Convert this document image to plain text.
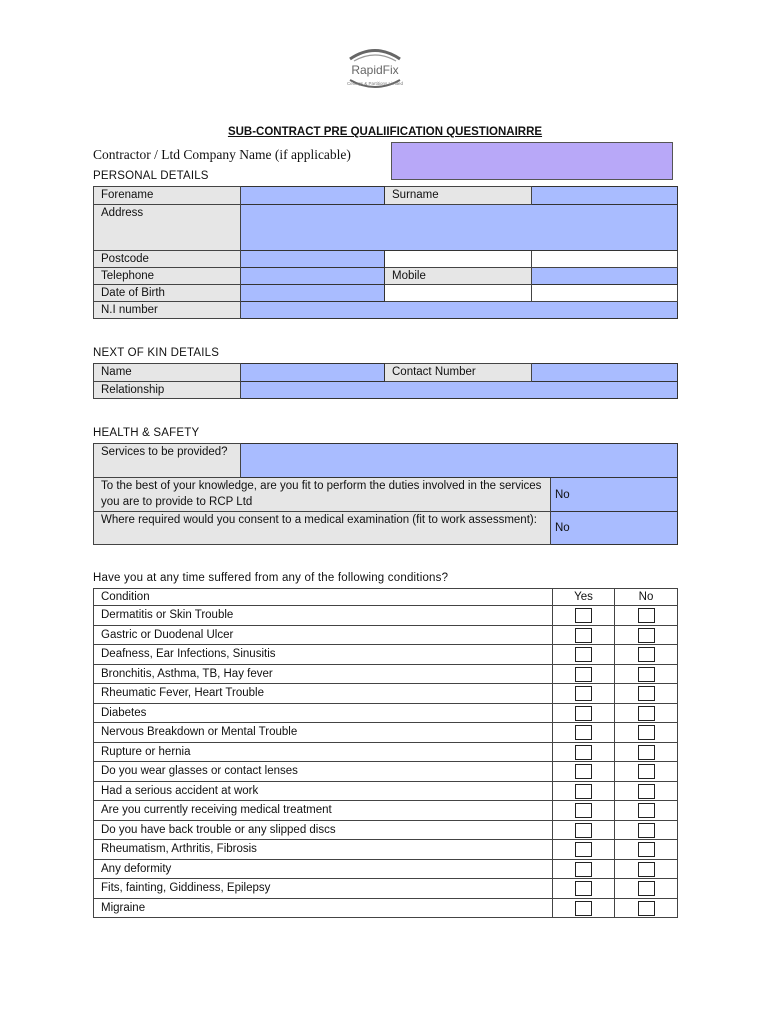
RapidFix
Ceilings & Partitions Limited
SUB-CONTRACT PRE QUALIIFICATION QUESTIONAIRRE
Contractor / Ltd Company Name (if applicable)
PERSONAL DETAILS
Forename		Surname	
Address			
Postcode			
Telephone		Mobile	
Date of Birth			
N.I number			
NEXT OF KIN DETAILS
Name		Contact Number	
Relationship			
HEALTH & SAFETY
Services to be provided?		
To the best of your knowledge, are you fit to perform the duties involved in the services you are to provide to RCP Ltd		No
Where required would you consent to a medical examination (fit to work assessment):		No
Have you at any time suffered from any of the following conditions?
Condition	Yes	No
Dermatitis or Skin Trouble	

Gastric or Duodenal Ulcer	

Deafness, Ear Infections, Sinusitis	

Bronchitis, Asthma, TB, Hay fever	

Rheumatic Fever, Heart Trouble	

Diabetes	

Nervous Breakdown or Mental Trouble	

Rupture or hernia	

Do you wear glasses or contact lenses	

Had a serious accident at work	

Are you currently receiving medical treatment	

Do you have back trouble or any slipped discs	

Rheumatism, Arthritis, Fibrosis	

Any deformity	

Fits, fainting, Giddiness, Epilepsy	

Migraine	
